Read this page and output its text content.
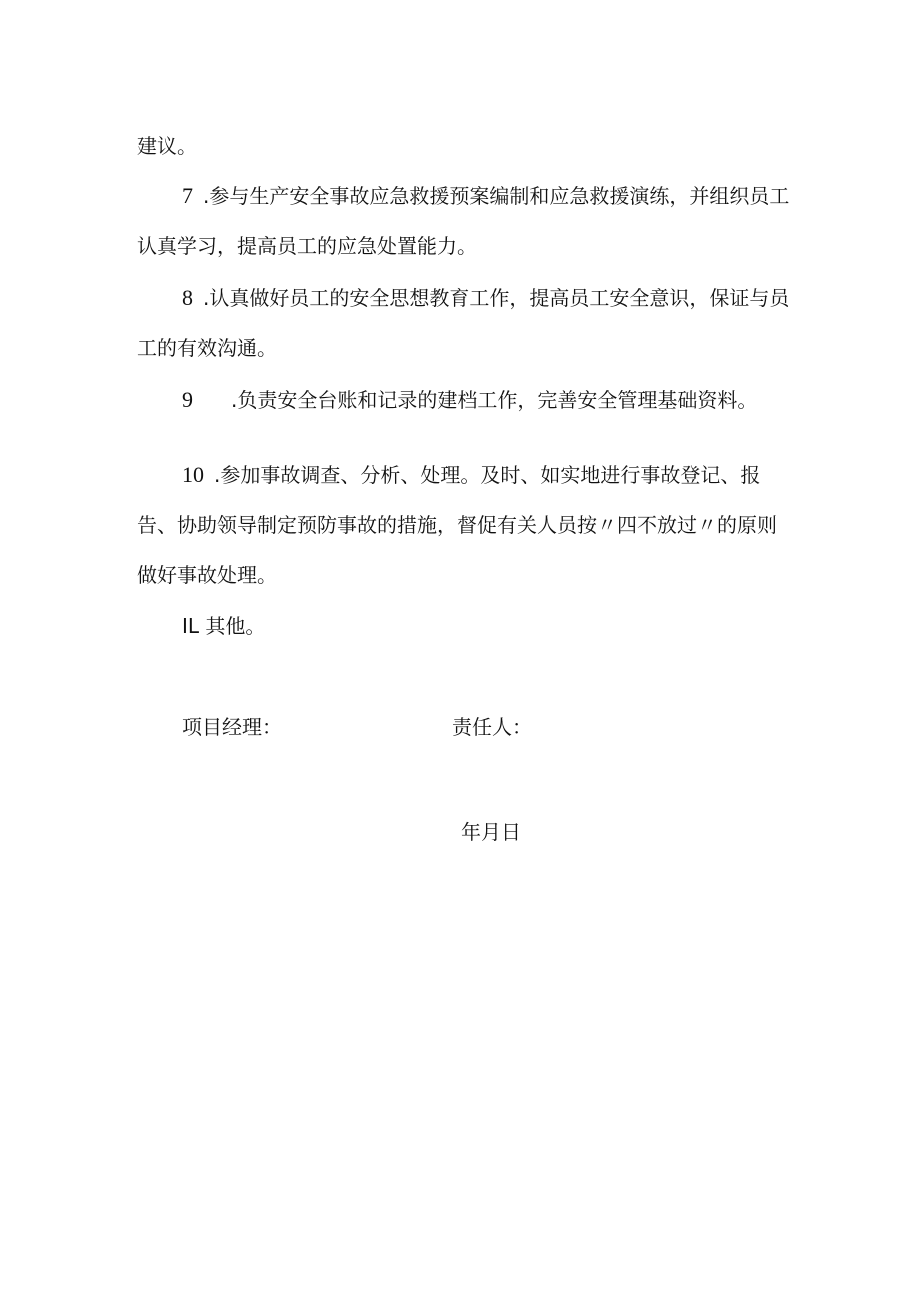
建议。
7 .参与生产安全事故应急救援预案编制和应急救援演练，并组织员工
认真学习，提高员工的应急处置能力。
8 .认真做好员工的安全思想教育工作，提高员工安全意识，保证与员
工的有效沟通。
9 .负责安全台账和记录的建档工作，完善安全管理基础资料。
10 .参加事故调查、分析、处理。及时、如实地进行事故登记、报
告、协助领导制定预防事故的措施，督促有关人员按〃四不放过〃的原则
做好事故处理。
IL 其他。
项目经理：	责任人：
年月日
